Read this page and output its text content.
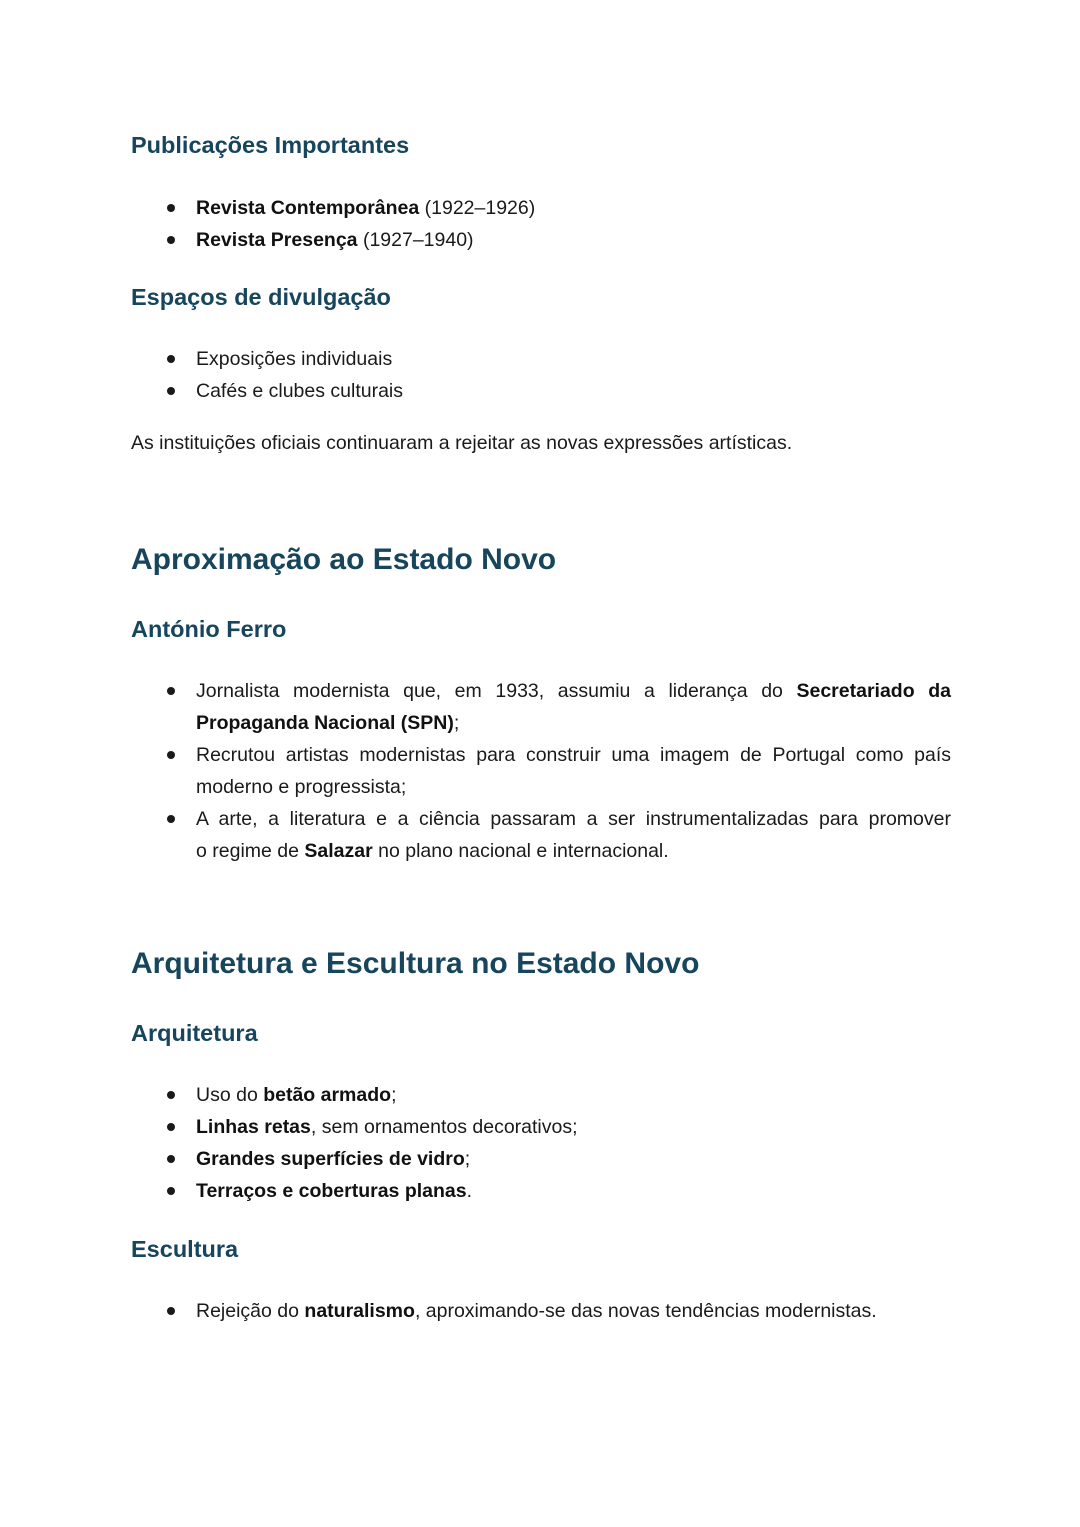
Publicações Importantes
Revista Contemporânea (1922–1926)
Revista Presença (1927–1940)
Espaços de divulgação
Exposições individuais
Cafés e clubes culturais

As instituições oficiais continuaram a rejeitar as novas expressões artísticas.

Aproximação ao Estado Novo
António Ferro
Jornalista modernista que, em 1933, assumiu a liderança do Secretariado da
Propaganda Nacional (SPN);
Recrutou artistas modernistas para construir uma imagem de Portugal como país
moderno e progressista;
A arte, a literatura e a ciência passaram a ser instrumentalizadas para promover
o regime de Salazar no plano nacional e internacional.
Arquitetura e Escultura no Estado Novo
Arquitetura
Uso do betão armado;
Linhas retas, sem ornamentos decorativos;
Grandes superfícies de vidro;
Terraços e coberturas planas.
Escultura
Rejeição do naturalismo, aproximando-se das novas tendências modernistas.
